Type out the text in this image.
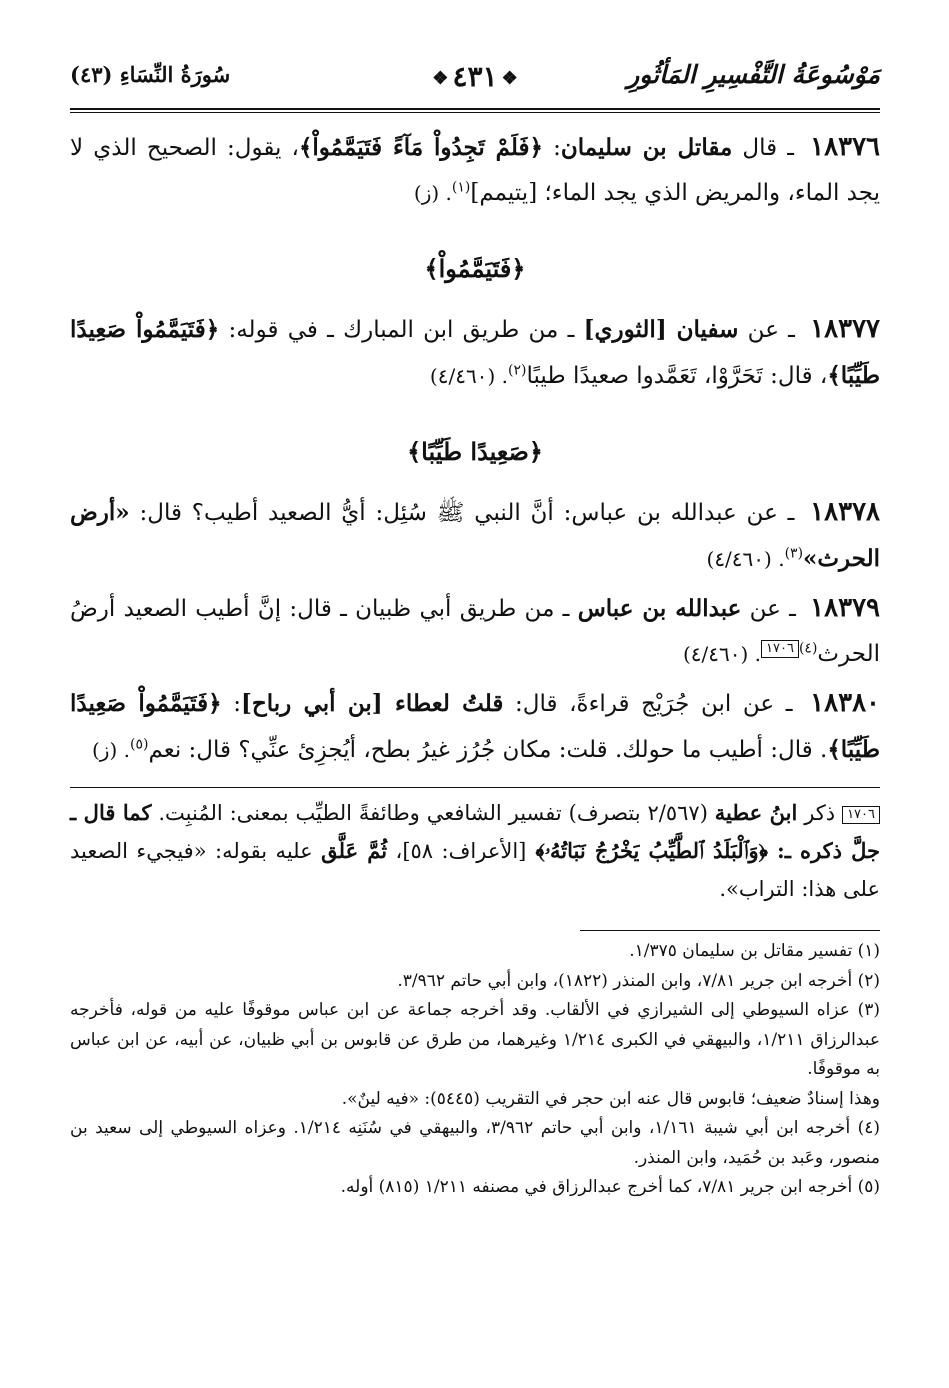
مَوْسُوعَةُ التَّفْسِيرِ المَأثُورِ
❖٤٣١❖
سُورَةُ النِّسَاءِ (٤٣)

١٨٣٧٦ ـ قال مقاتل بن سليمان: ﴿فَلَمْ تَجِدُواْ مَآءً فَتَيَمَّمُواْ﴾، يقول: الصحيح الذي لا يجد الماء، والمريض الذي يجد الماء؛ [يتيمم]$^{(١)}$. (ز)

﴿فَتَيَمَّمُواْ﴾

١٨٣٧٧ ـ عن سفيان [الثوري] ـ من طريق ابن المبارك ـ في قوله: ﴿فَتَيَمَّمُواْ صَعِيدًا طَيِّبًا﴾، قال: تَحَرَّوْا، تَعَمَّدوا صعيدًا طيبًا$^{(٢)}$. (٤/٤٦٠)

﴿صَعِيدًا طَيِّبًا﴾

١٨٣٧٨ ـ عن عبدالله بن عباس: أنَّ النبي ﷺ سُئِل: أيُّ الصعيد أطيب؟ قال: «أرض الحرث»$^{(٣)}$. (٤/٤٦٠)

١٨٣٧٩ ـ عن عبدالله بن عباس ـ من طريق أبي ظبيان ـ قال: إنَّ أطيب الصعيد أرضُ الحرث$^{(٤)}$١٧٠٦. (٤/٤٦٠)

١٨٣٨٠ ـ عن ابن جُرَيْج قراءةً، قال: قلتُ لعطاء [بن أبي رباح]: ﴿فَتَيَمَّمُواْ صَعِيدًا طَيِّبًا﴾. قال: أطيب ما حولك. قلت: مكان جُرُز غيرُ بطح، أيُجزِئ عنِّي؟ قال: نعم$^{(٥)}$. (ز)

١٧٠٦ ذكر ابنُ عطية (٢/٥٦٧ بتصرف) تفسير الشافعي وطائفةً الطيِّب بمعنى: المُنبِت. كما قال ـ جلَّ ذكره ـ: ﴿وَٱلْبَلَدُ ٱلطَّيِّبُ يَخْرُجُ نَبَاتُهُۥ﴾ [الأعراف: ٥٨]، ثُمَّ عَلَّق عليه بقوله: «فيجيء الصعيد على هذا: التراب».

(١) تفسير مقاتل بن سليمان ١/٣٧٥.

(٢) أخرجه ابن جرير ٧/٨١، وابن المنذر (١٨٢٢)، وابن أبي حاتم ٣/٩٦٢.

(٣) عزاه السيوطي إلى الشيرازي في الألقاب. وقد أخرجه جماعة عن ابن عباس موقوفًا عليه من قوله، فأخرجه عبدالرزاق ١/٢١١، والبيهقي في الكبرى ١/٢١٤ وغيرهما، من طرق عن قابوس بن أبي ظبيان، عن أبيه، عن ابن عباس به موقوفًا.

وهذا إسنادٌ ضعيف؛ قابوس قال عنه ابن حجر في التقريب (٥٤٤٥): «فيه لينٌ».

(٤) أخرجه ابن أبي شيبة ١/١٦١، وابن أبي حاتم ٣/٩٦٢، والبيهقي في سُنَنِه ١/٢١٤. وعزاه السيوطي إلى سعيد بن منصور، وعَبد بن حُمَيد، وابن المنذر.

(٥) أخرجه ابن جرير ٧/٨١، كما أخرج عبدالرزاق في مصنفه ١/٢١١ (٨١٥) أوله.
